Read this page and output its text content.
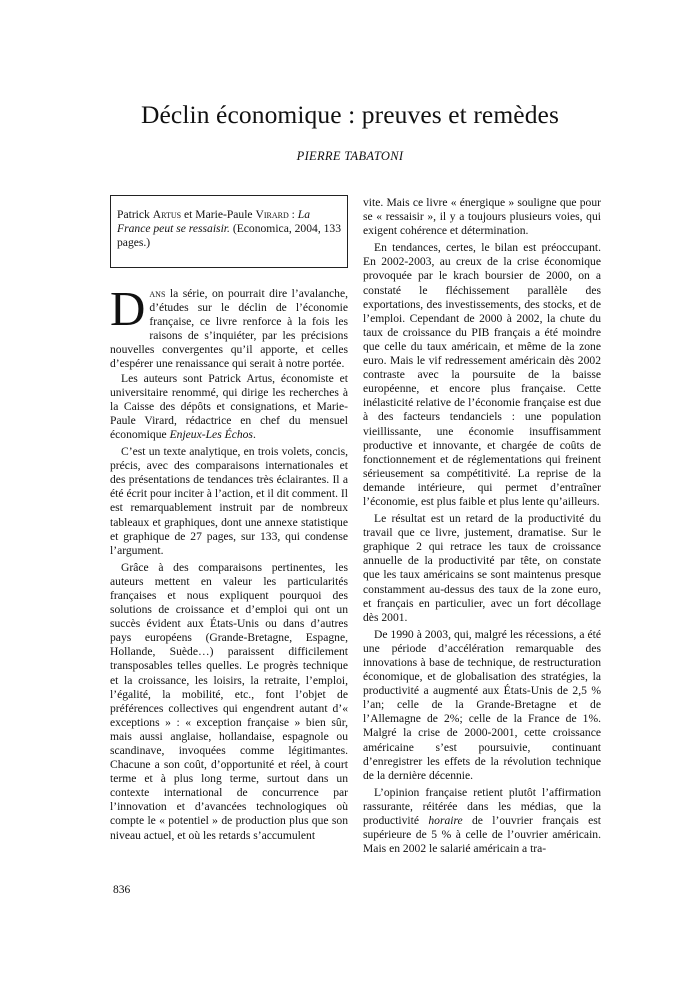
Déclin économique : preuves et remèdes

PIERRE TABATONI

Patrick Artus et Marie-Paule Virard : La France peut se ressaisir. (Economica, 2004, 133 pages.)

Dans la série, on pourrait dire l’avalanche, d’études sur le déclin de l’économie française, ce livre renforce à la fois les raisons de s’inquiéter, par les précisions nouvelles convergentes qu’il apporte, et celles d’espérer une renaissance qui serait à notre portée.

Les auteurs sont Patrick Artus, économiste et universitaire renommé, qui dirige les recherches à la Caisse des dépôts et consignations, et Marie-Paule Virard, rédactrice en chef du mensuel économique Enjeux-Les Échos.

C’est un texte analytique, en trois volets, concis, précis, avec des comparaisons internationales et des présentations de tendances très éclairantes. Il a été écrit pour inciter à l’action, et il dit comment. Il est remarquablement instruit par de nombreux tableaux et graphiques, dont une annexe statistique et graphique de 27 pages, sur 133, qui condense l’argument.

Grâce à des comparaisons pertinentes, les auteurs mettent en valeur les particularités françaises et nous expliquent pourquoi des solutions de croissance et d’emploi qui ont un succès évident aux États-Unis ou dans d’autres pays européens (Grande-Bretagne, Espagne, Hollande, Suède…) paraissent difficilement transposables telles quelles. Le progrès technique et la croissance, les loisirs, la retraite, l’emploi, l’égalité, la mobilité, etc., font l’objet de préférences collectives qui engendrent autant d’« exceptions » : « exception française » bien sûr, mais aussi anglaise, hollandaise, espagnole ou scandinave, invoquées comme légitimantes. Chacune a son coût, d’opportunité et réel, à court terme et à plus long terme, surtout dans un contexte international de concurrence par l’innovation et d’avancées technologiques où compte le « potentiel » de production plus que son niveau actuel, et où les retards s’accumulent

vite. Mais ce livre « énergique » souligne que pour se « ressaisir », il y a toujours plusieurs voies, qui exigent cohérence et détermination.

En tendances, certes, le bilan est préoccupant. En 2002-2003, au creux de la crise économique provoquée par le krach boursier de 2000, on a constaté le fléchissement parallèle des exportations, des investissements, des stocks, et de l’emploi. Cependant de 2000 à 2002, la chute du taux de croissance du PIB français a été moindre que celle du taux américain, et même de la zone euro. Mais le vif redressement américain dès 2002 contraste avec la poursuite de la baisse européenne, et encore plus française. Cette inélasticité relative de l’économie française est due à des facteurs tendanciels : une population vieillissante, une économie insuffisamment productive et innovante, et chargée de coûts de fonctionnement et de réglementations qui freinent sérieusement sa compétitivité. La reprise de la demande intérieure, qui permet d’entraîner l’économie, est plus faible et plus lente qu’ailleurs.

Le résultat est un retard de la productivité du travail que ce livre, justement, dramatise. Sur le graphique 2 qui retrace les taux de croissance annuelle de la productivité par tête, on constate que les taux américains se sont maintenus presque constamment au-dessus des taux de la zone euro, et français en particulier, avec un fort décollage dès 2001.

De 1990 à 2003, qui, malgré les récessions, a été une période d’accélération remarquable des innovations à base de technique, de restructuration économique, et de globalisation des stratégies, la productivité a augmenté aux États-Unis de 2,5 % l’an; celle de la Grande-Bretagne et de l’Allemagne de 2%; celle de la France de 1%. Malgré la crise de 2000-2001, cette croissance américaine s’est poursuivie, continuant d’enregistrer les effets de la révolution technique de la dernière décennie.

L’opinion française retient plutôt l’affirmation rassurante, réitérée dans les médias, que la productivité horaire de l’ouvrier français est supérieure de 5 % à celle de l’ouvrier américain. Mais en 2002 le salarié américain a tra-

836
